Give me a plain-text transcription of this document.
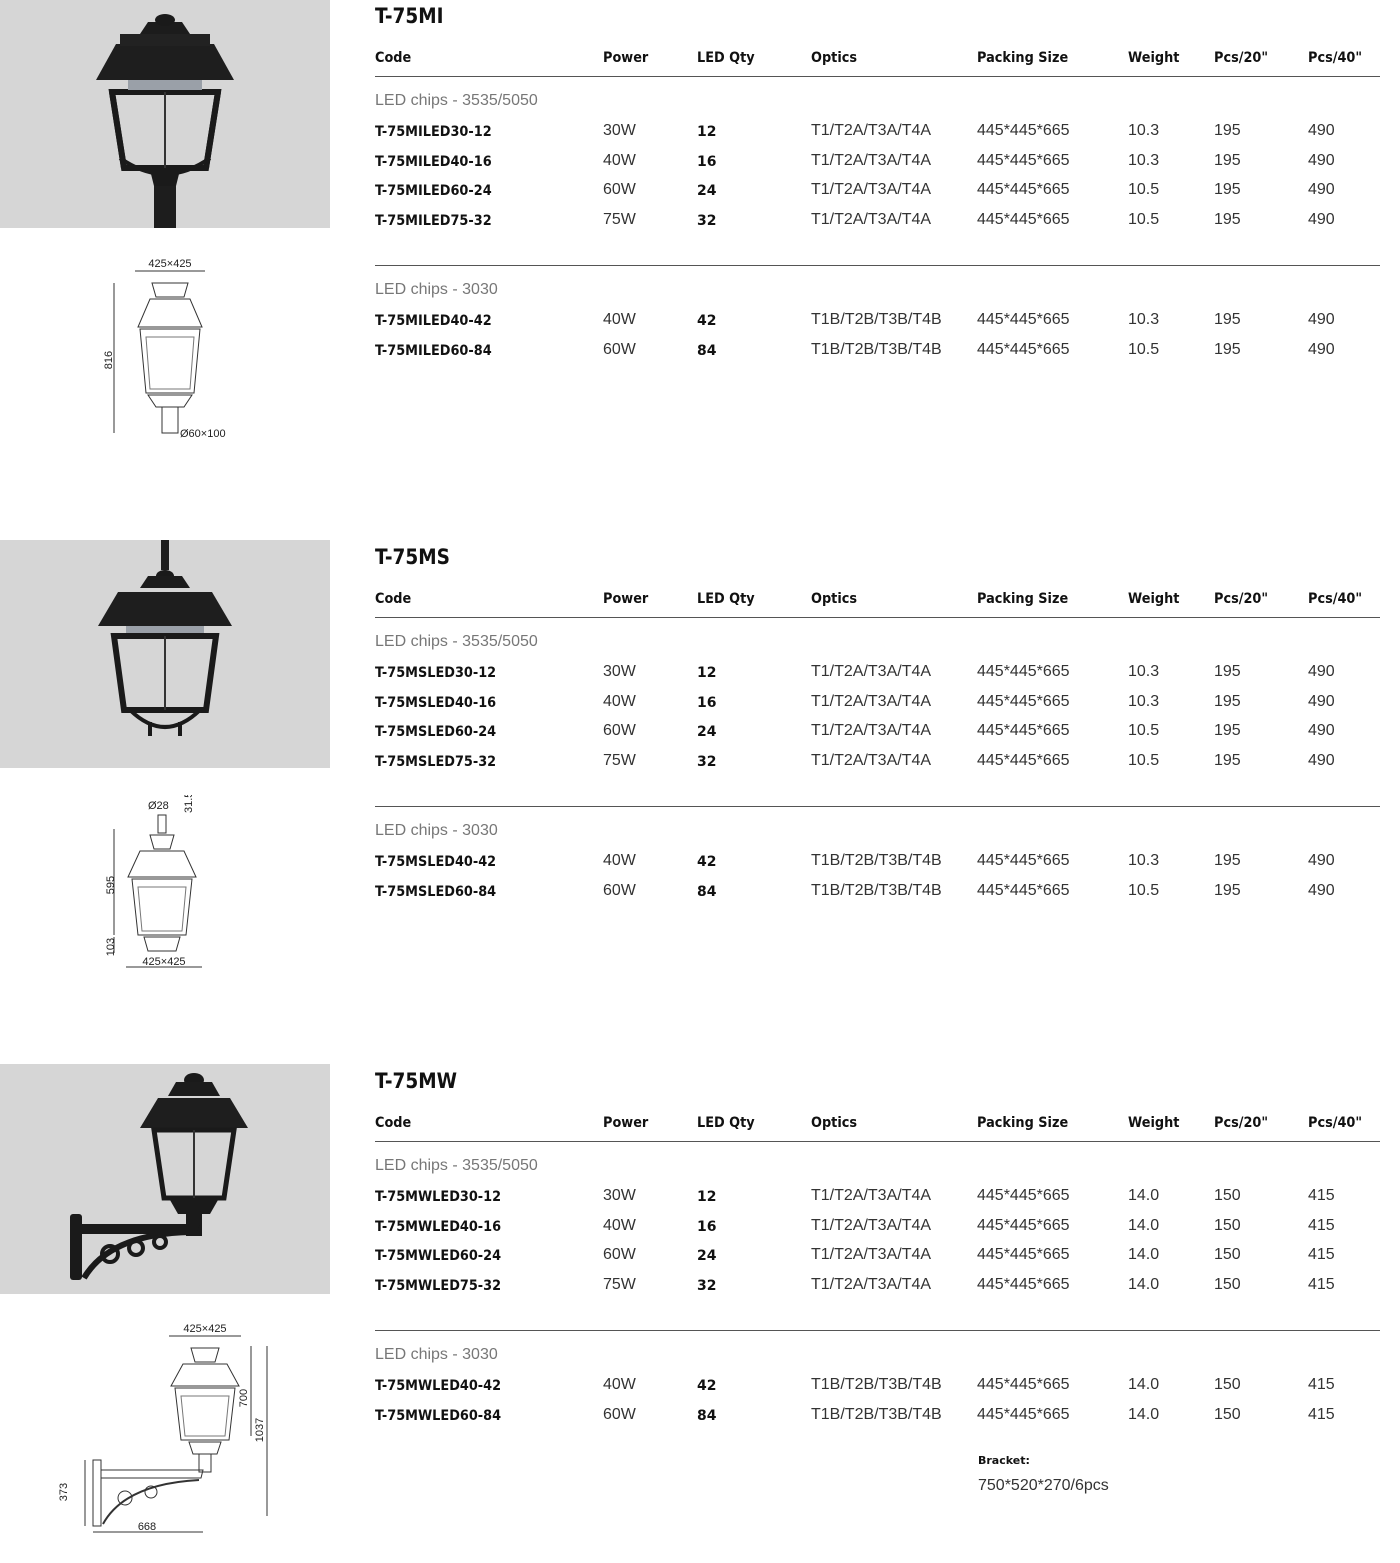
425×425
816
Ø60×100
T-75MI
Code	Power	LED Qty	Optics	Packing Size	Weight Pcs/20"	Pcs/40"
LED chips - 3535/5050
T-75MILED30-12	30W	12	T1/T2A/T3A/T4A	445*445*665	10.3	195	490
T-75MILED40-16	40W	16	T1/T2A/T3A/T4A	445*445*665	10.3	195	490
T-75MILED60-24	60W	24	T1/T2A/T3A/T4A	445*445*665	10.5	195	490
T-75MILED75-32	75W	32	T1/T2A/T3A/T4A	445*445*665	10.5	195	490
LED chips - 3030
T-75MILED40-42	40W	42	T1B/T2B/T3B/T4B 445*445*665	10.3	195	490
T-75MILED60-84	60W	84	T1B/T2B/T3B/T4B 445*445*665	10.5	195	490
Ø28 31.5
595
103
425×425
T-75MS
Code	Power	LED Qty	Optics	Packing Size	Weight Pcs/20"	Pcs/40"
LED chips - 3535/5050
T-75MSLED30-12	30W	12	T1/T2A/T3A/T4A	445*445*665	10.3	195	490
T-75MSLED40-16	40W	16	T1/T2A/T3A/T4A	445*445*665	10.3	195	490
T-75MSLED60-24	60W	24	T1/T2A/T3A/T4A	445*445*665	10.5	195	490
T-75MSLED75-32	75W	32	T1/T2A/T3A/T4A	445*445*665	10.5	195	490
LED chips - 3030
T-75MSLED40-42	40W	42	T1B/T2B/T3B/T4B 445*445*665	10.3	195	490
T-75MSLED60-84	60W	84	T1B/T2B/T3B/T4B 445*445*665	10.5	195	490
425×425
700
1037
373
668
T-75MW
Bracket:
750*520*270/6pcs
Code	Power	LED Qty	Optics	Packing Size	Weight Pcs/20"	Pcs/40"
LED chips - 3535/5050
T-75MWLED30-12	30W	12	T1/T2A/T3A/T4A	445*445*665	14.0	150	415
T-75MWLED40-16	40W	16	T1/T2A/T3A/T4A	445*445*665	14.0	150	415
T-75MWLED60-24	60W	24	T1/T2A/T3A/T4A	445*445*665	14.0	150	415
T-75MWLED75-32	75W	32	T1/T2A/T3A/T4A	445*445*665	14.0	150	415
LED chips - 3030
T-75MWLED40-42	40W	42	T1B/T2B/T3B/T4B 445*445*665	14.0	150	415
T-75MWLED60-84	60W	84	T1B/T2B/T3B/T4B 445*445*665	14.0	150	415
